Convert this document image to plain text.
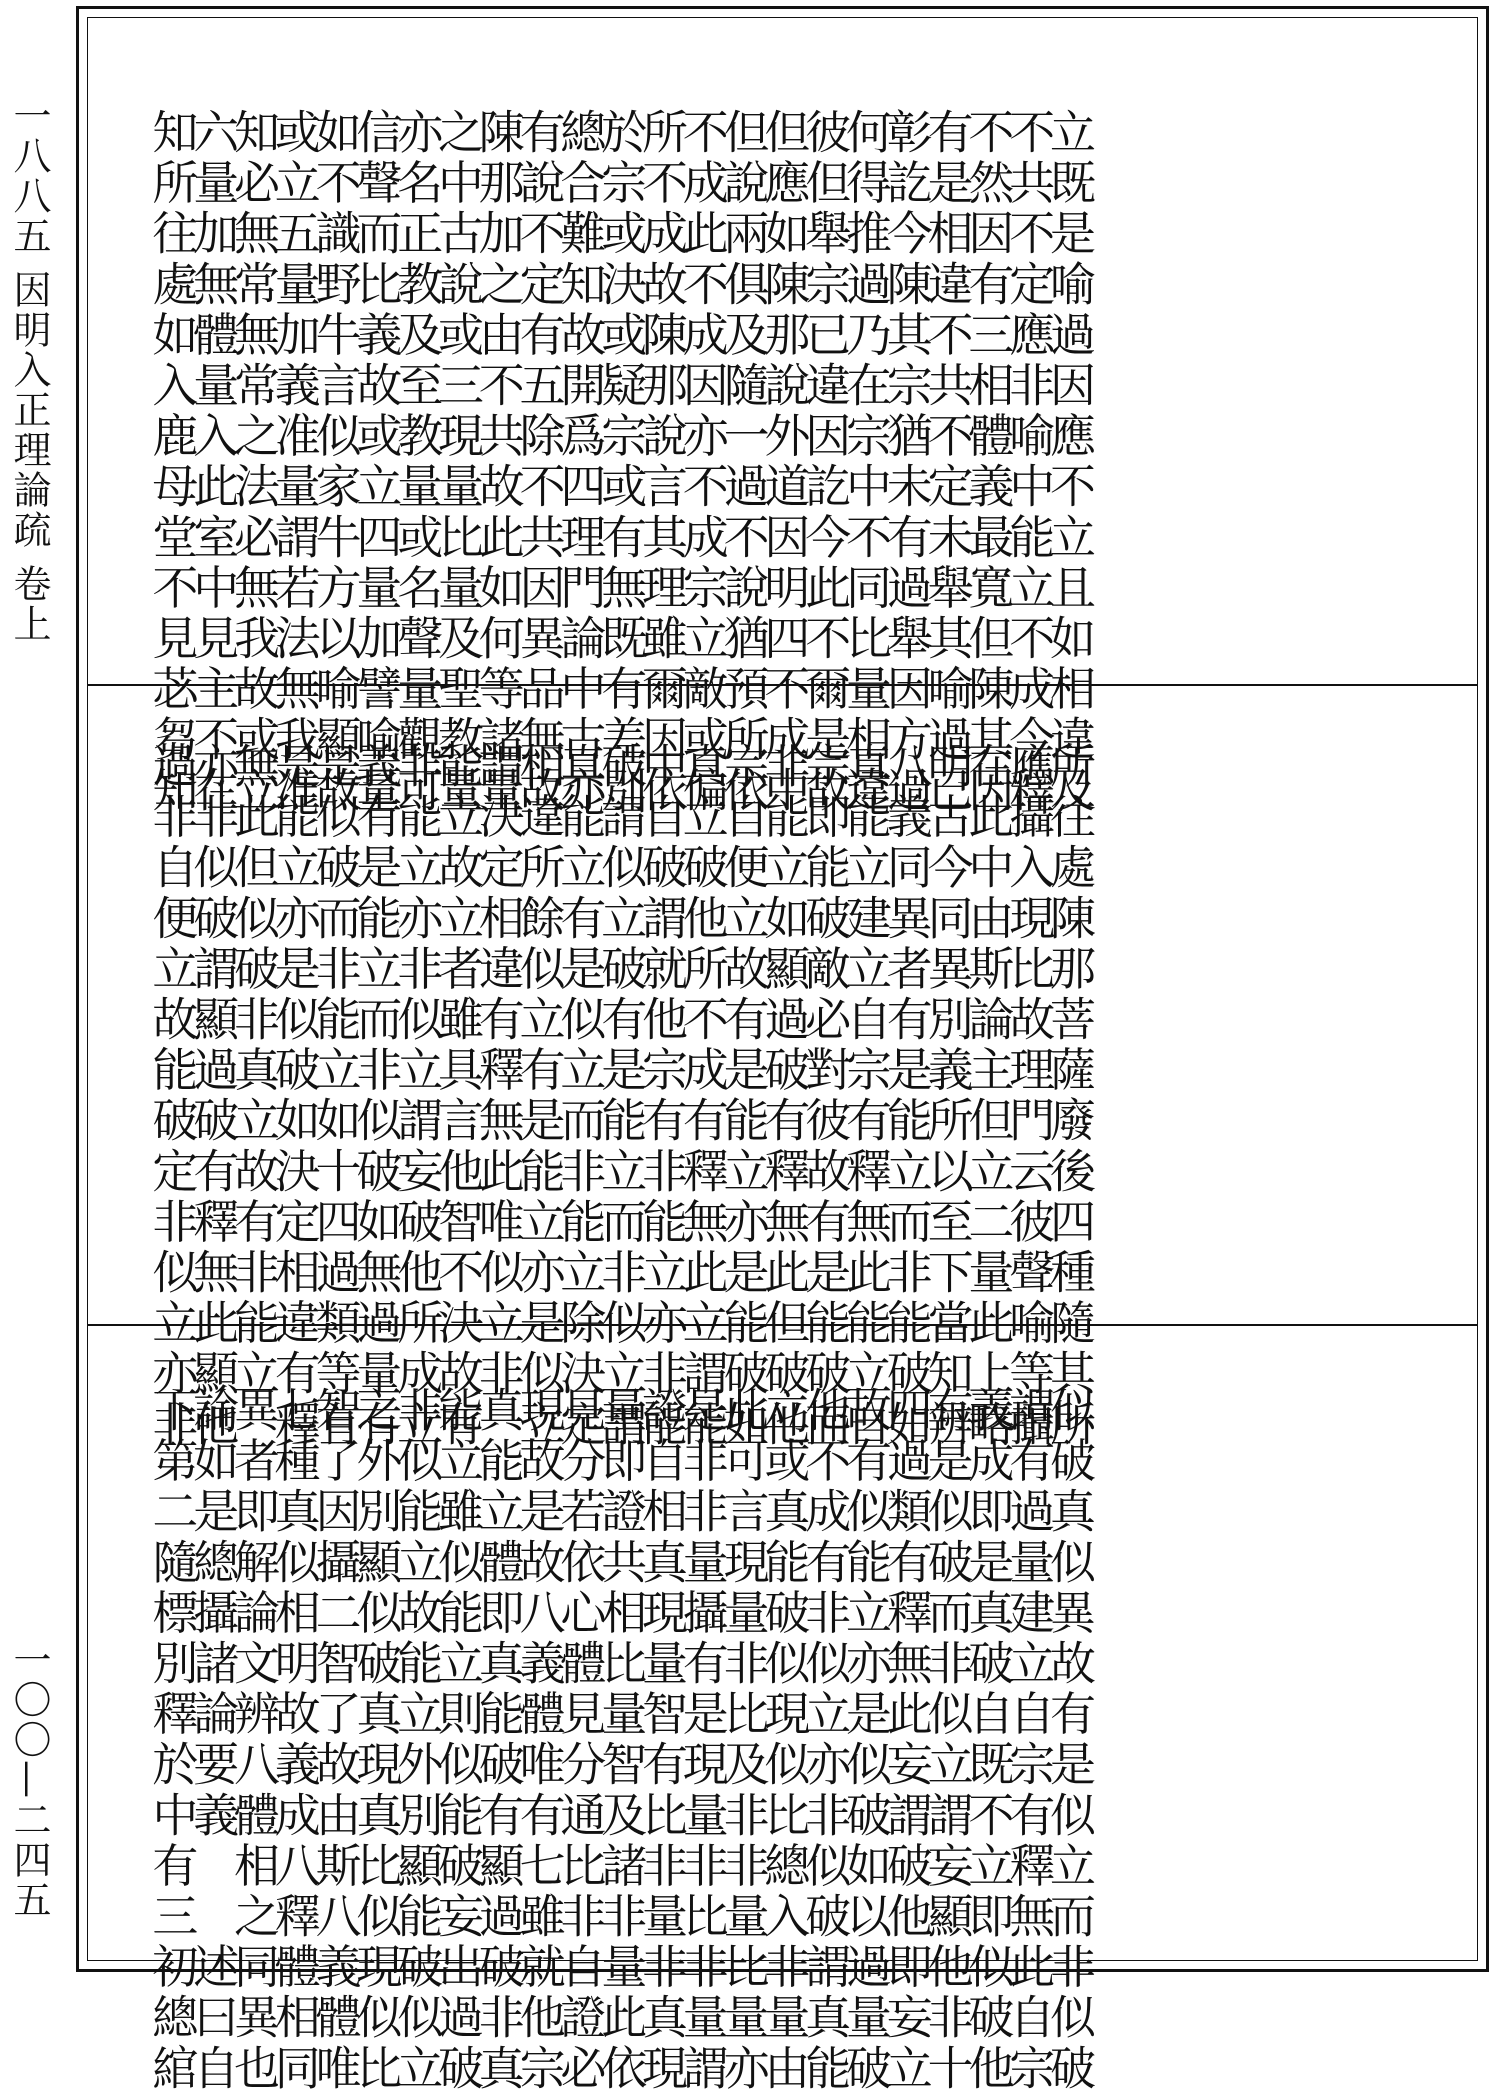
一八八五 因明入正理論疏 卷上
一〇〇—二四五
立既是喻過因應不立且如相違及
不共不定應非喻中能立不成今釋
不然因有三相體義最寬但陳其因
有是相違不共不定未舉其喻過已
彰訖今陳其宗猶未有過舉因方過
何得推過乃在宗中不同比量相違
彼但舉宗已違因訖今此不爾是故
但應如陳那說外道因明四不成中
但說兩俱及隨一過不說猶預所依
不成此不成因亦不成宗立敵或偏
所不成故陳那說言其理雖爾因依
於宗或決或疑宗或有無既有差別
總合難知故開爲四理門論中古亦
有說不定有五除不共因異品無故
陳那加之由不共故此如何等諸量
之中古說或三現量比量及聖教量
亦名正教及至教量或名聲量觀可
信聲而比義故或立四量加譬喻量
如不識野牛言似家牛方以喻顯故
或立五量加義准量謂若法無我准
知必無常無常之法必無我故或立
六量加無體量入此室中見主不在
知所往處如入鹿母堂不見苾芻知
所往處陳那菩薩廢後四種隨其所
應攝入現比故理門云彼聲喻等攝
在此中由斯論主但立二量此上略
明古今同異別義所以至下當知辨
八義同異者有是能立而非能破如
真能立建立自宗有釋無此能立自
宗即能破敵必對彼故有是能破而
非能立如顯過破有釋無此但破他
宗自便立故有是能立亦是能破如
真立破他所不成有釋無此立謂能
中自破謂就他宗有非能立亦非能
破謂似立破有是能立而非似立謂
真能立有是似立而非能立除決定
相違所餘似立有是能立亦是似立
謂決定相違有釋無此唯似立非
能立故立者雖具言他智不決故有
非能立亦非似立謂妄破他所成立
義有是能立而非似破如無過量有
是似破而非能立如十四過類等有
是能立亦是似破如決定相違有釋
無此但似破非真立故有非能立
亦非似破謂顯過破有釋無此顯他
過非自便立故能破定非似立亦非
似破真似異故有是似立而非似破
謂有過量建立自宗有釋無此自宗
義成即是真破自既不立即似破他
有是似破而非似立謂妄顯他非十
四過類有釋無此妄謂破他即妄立
故有似能立亦是似破如以過量破
他不成有非似立亦非似破謂真能
立或真能破似現似比總入非量由
此可言現量非比及非非量比量亦
是非非量攝有是現量非比非量謂
證自相真現量智有比非量非真現
量即證共相比量智及諸非量此依
見分若依心體見分通比非自證必
現故是故八義體唯有七雖就他宗
真能立體即真能破有顯過破非真
能立雖似能立則似能破妄出過破
非似能立故能立外別顯能破似立
之外別顯似破真現真比似現似比
智了因攝二智了故由斯八義體唯
七種真似相明故義成八釋體相同
異者即解論文辨八體相之同異也
論如是總攝諸論要義　　述曰自
下第二隨標別釋於中有三初總綰
